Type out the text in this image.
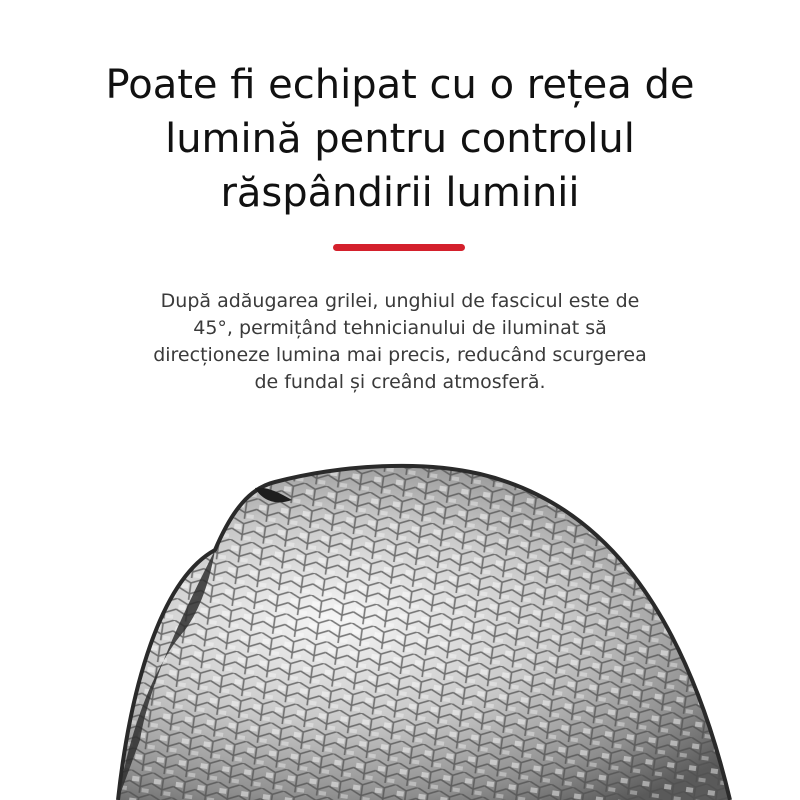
Poate fi echipat cu o rețea de
lumină pentru controlul
răspândirii luminii

După adăugarea grilei, unghiul de fascicul este de
45°, permițând tehnicianului de iluminat să
direcționeze lumina mai precis, reducând scurgerea
de fundal și creând atmosferă.
